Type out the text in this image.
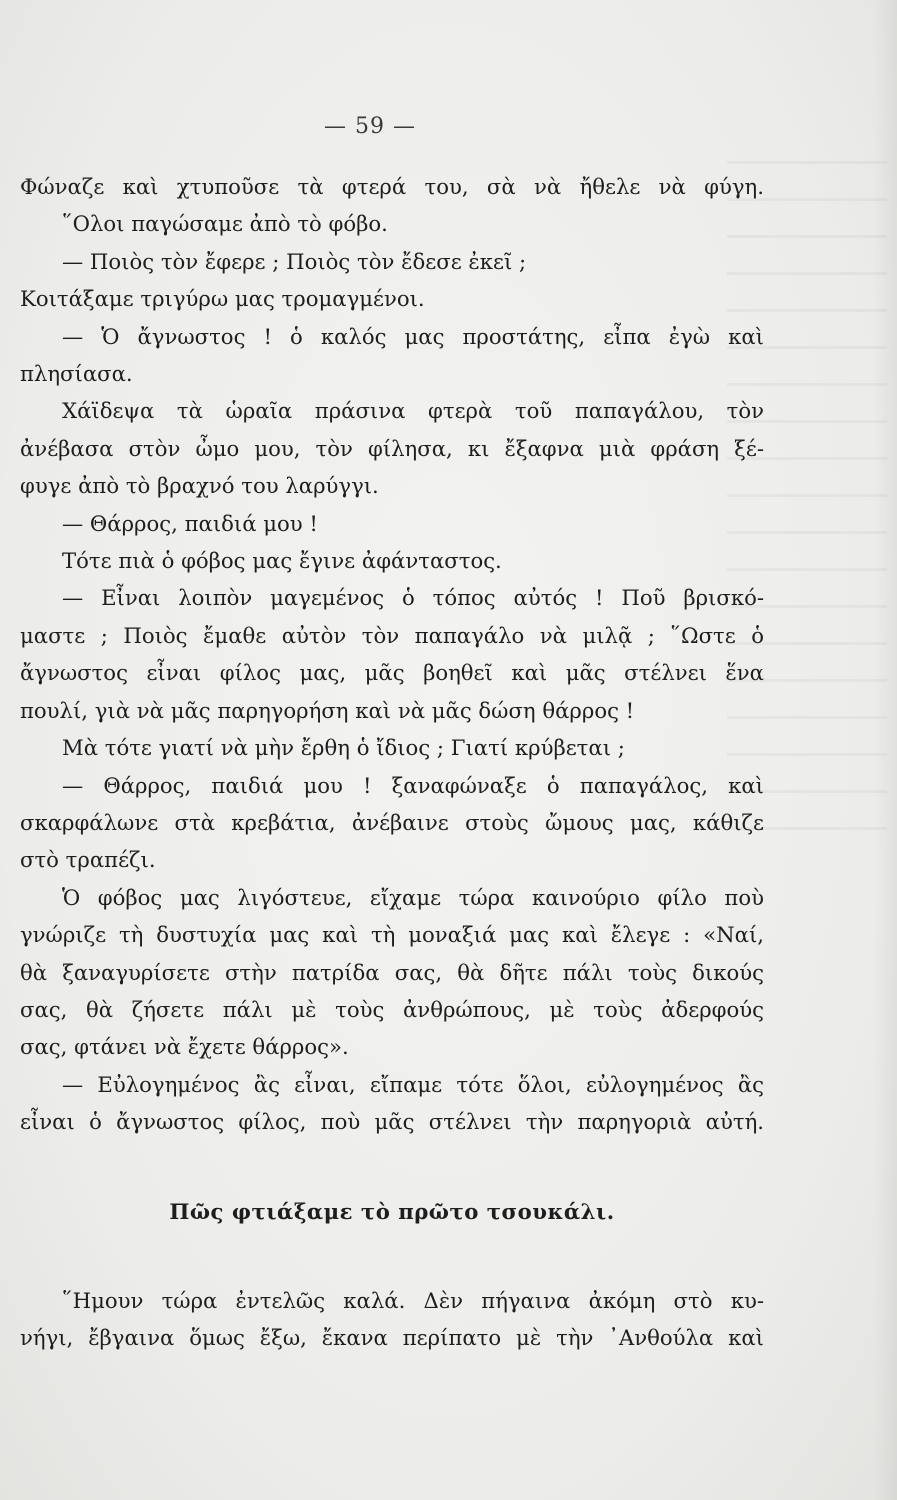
— 59 —
Φώναζε καὶ χτυποῦσε τὰ φτερά του, σὰ νὰ ἤθελε νὰ φύγη.
῞Ολοι παγώσαμε ἀπὸ τὸ φόβο.
— Ποιὸς τὸν ἔφερε ; Ποιὸς τὸν ἔδεσε ἐκεῖ ;
Κοιτάξαμε τριγύρω μας τρομαγμένοι.
— Ὁ ἄγνωστος ! ὁ καλός μας προστάτης, εἶπα ἐγὼ καὶ
πλησίασα.
Χάϊδεψα τὰ ὡραῖα πράσινα φτερὰ τοῦ παπαγάλου, τὸν
ἀνέβασα στὸν ὦμο μου, τὸν φίλησα, κι ἔξαφνα μιὰ φράση ξέ-
φυγε ἀπὸ τὸ βραχνό του λαρύγγι.
— Θάρρος, παιδιά μου !
Τότε πιὰ ὁ φόβος μας ἔγινε ἀφάνταστος.
— Εἶναι λοιπὸν μαγεμένος ὁ τόπος αὐτός ! Ποῦ βρισκό-
μαστε ; Ποιὸς ἔμαθε αὐτὸν τὸν παπαγάλο νὰ μιλᾷ ; ῞Ωστε ὁ
ἄγνωστος εἶναι φίλος μας, μᾶς βοηθεῖ καὶ μᾶς στέλνει ἕνα
πουλί, γιὰ νὰ μᾶς παρηγορήση καὶ νὰ μᾶς δώση θάρρος !
Μὰ τότε γιατί νὰ μὴν ἔρθη ὁ ἴδιος ; Γιατί κρύβεται ;
— Θάρρος, παιδιά μου ! ξαναφώναξε ὁ παπαγάλος, καὶ
σκαρφάλωνε στὰ κρεβάτια, ἀνέβαινε στοὺς ὤμους μας, κάθιζε
στὸ τραπέζι.
Ὁ φόβος μας λιγόστευε, εἴχαμε τώρα καινούριο φίλο ποὺ
γνώριζε τὴ δυστυχία μας καὶ τὴ μοναξιά μας καὶ ἔλεγε : «Ναί,
θὰ ξαναγυρίσετε στὴν πατρίδα σας, θὰ δῆτε πάλι τοὺς δικούς
σας, θὰ ζήσετε πάλι μὲ τοὺς ἀνθρώπους, μὲ τοὺς ἀδερφούς
σας, φτάνει νὰ ἔχετε θάρρος».
— Εὐλογημένος ἂς εἶναι, εἴπαμε τότε ὅλοι, εὐλογημένος ἂς
εἶναι ὁ ἄγνωστος φίλος, ποὺ μᾶς στέλνει τὴν παρηγοριὰ αὐτή.
Πῶς φτιάξαμε τὸ πρῶτο τσουκάλι.
῞Ημουν τώρα ἐντελῶς καλά. Δὲν πήγαινα ἀκόμη στὸ κυ-
νήγι, ἔβγαινα ὅμως ἔξω, ἔκανα περίπατο μὲ τὴν ᾿Ανθούλα καὶ
